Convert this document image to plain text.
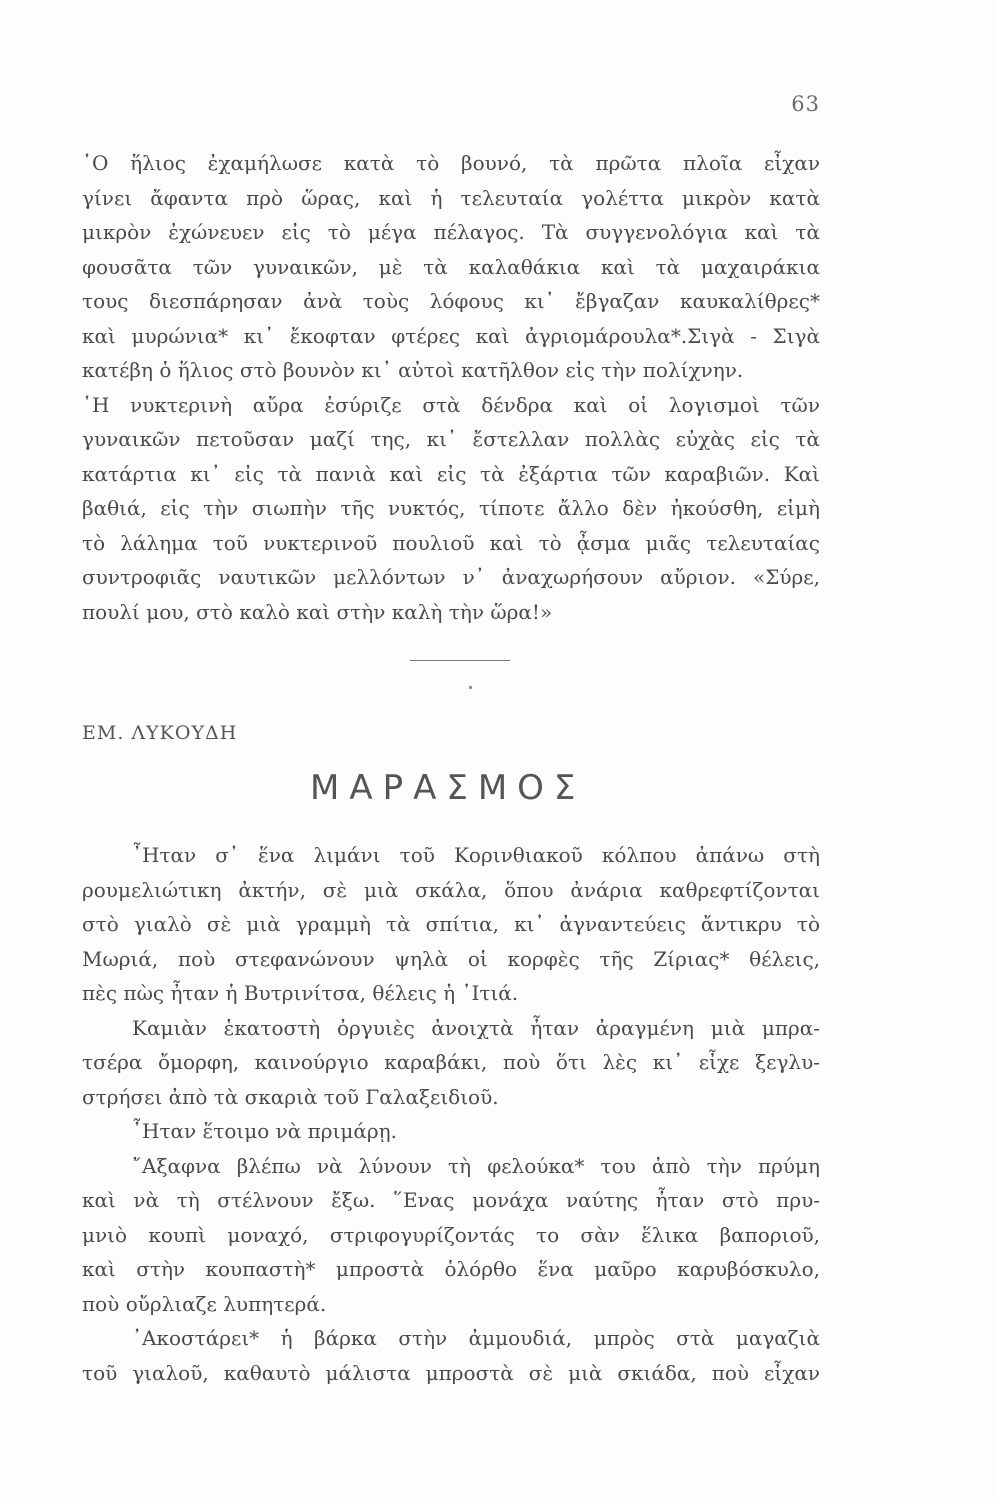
63
῾Ο ἥλιος ἐχαμήλωσε κατὰ τὸ βουνό, τὰ πρῶτα πλοῖα εἶχαν
γίνει ἄφαντα πρὸ ὥρας, καὶ ἡ τελευταία γολέττα μικρὸν κατὰ
μικρὸν ἐχώνευεν εἰς τὸ μέγα πέλαγος. Τὰ συγγενολόγια καὶ τὰ
φουσᾶτα τῶν γυναικῶν, μὲ τὰ καλαθάκια καὶ τὰ μαχαιράκια
τους διεσπάρησαν ἀνὰ τοὺς λόφους κι᾿ ἔβγαζαν καυκαλίθρες*
καὶ μυρώνια* κι᾿ ἔκοφταν φτέρες καὶ ἀγριομάρουλα*.Σιγὰ - Σιγὰ
κατέβη ὁ ἥλιος στὸ βουνὸν κι᾿ αὐτοὶ κατῆλθον εἰς τὴν πολίχνην.
῾Η νυκτερινὴ αὔρα ἐσύριζε στὰ δένδρα καὶ οἱ λογισμοὶ τῶν
γυναικῶν πετοῦσαν μαζί της, κι᾿ ἔστελλαν πολλὰς εὐχὰς εἰς τὰ
κατάρτια κι᾿ εἰς τὰ πανιὰ καὶ εἰς τὰ ἐξάρτια τῶν καραβιῶν. Καὶ
βαθιά, εἰς τὴν σιωπὴν τῆς νυκτός, τίποτε ἄλλο δὲν ἠκούσθη, εἰμὴ
τὸ λάλημα τοῦ νυκτερινοῦ πουλιοῦ καὶ τὸ ᾆσμα μιᾶς τελευταίας
συντροφιᾶς ναυτικῶν μελλόντων ν᾿ ἀναχωρήσουν αὔριον. «Σύρε,
πουλί μου, στὸ καλὸ καὶ στὴν καλὴ τὴν ὥρα!»
ΕΜ. ΛΥΚΟΥΔΗ
ΜΑΡΑΣΜΟΣ
῏Ηταν σ᾿ ἕνα λιμάνι τοῦ Κορινθιακοῦ κόλπου ἀπάνω στὴ
ρουμελιώτικη ἀκτήν, σὲ μιὰ σκάλα, ὅπου ἀνάρια καθρεφτίζονται
στὸ γιαλὸ σὲ μιὰ γραμμὴ τὰ σπίτια, κι᾿ ἀγναντεύεις ἄντικρυ τὸ
Μωριά, ποὺ στεφανώνουν ψηλὰ οἱ κορφὲς τῆς Ζίριας* θέλεις,
πὲς πὼς ἦταν ἡ Βυτρινίτσα, θέλεις ἡ ᾿Ιτιά.
Καμιὰν ἑκατοστὴ ὀργυιὲς ἀνοιχτὰ ἦταν ἀραγμένη μιὰ μπρα-
τσέρα ὄμορφη, καινούργιο καραβάκι, ποὺ ὅτι λὲς κι᾿ εἶχε ξεγλυ-
στρήσει ἀπὸ τὰ σκαριὰ τοῦ Γαλαξειδιοῦ.
῏Ηταν ἕτοιμο νὰ πριμάρῃ.
῎Αξαφνα βλέπω νὰ λύνουν τὴ φελούκα* του ἀπὸ τὴν πρύμη
καὶ νὰ τὴ στέλνουν ἔξω. ῞Ενας μονάχα ναύτης ἦταν στὸ πρυ-
μνιὸ κουπὶ μοναχό, στριφογυρίζοντάς το σὰν ἕλικα βαποριοῦ,
καὶ στὴν κουπαστὴ* μπροστὰ ὁλόρθο ἕνα μαῦρο καρυβόσκυλο,
ποὺ οὔρλιαζε λυπητερά.
᾿Ακοστάρει* ἡ βάρκα στὴν ἀμμουδιά, μπρὸς στὰ μαγαζιὰ
τοῦ γιαλοῦ, καθαυτὸ μάλιστα μπροστὰ σὲ μιὰ σκιάδα, ποὺ εἶχαν
